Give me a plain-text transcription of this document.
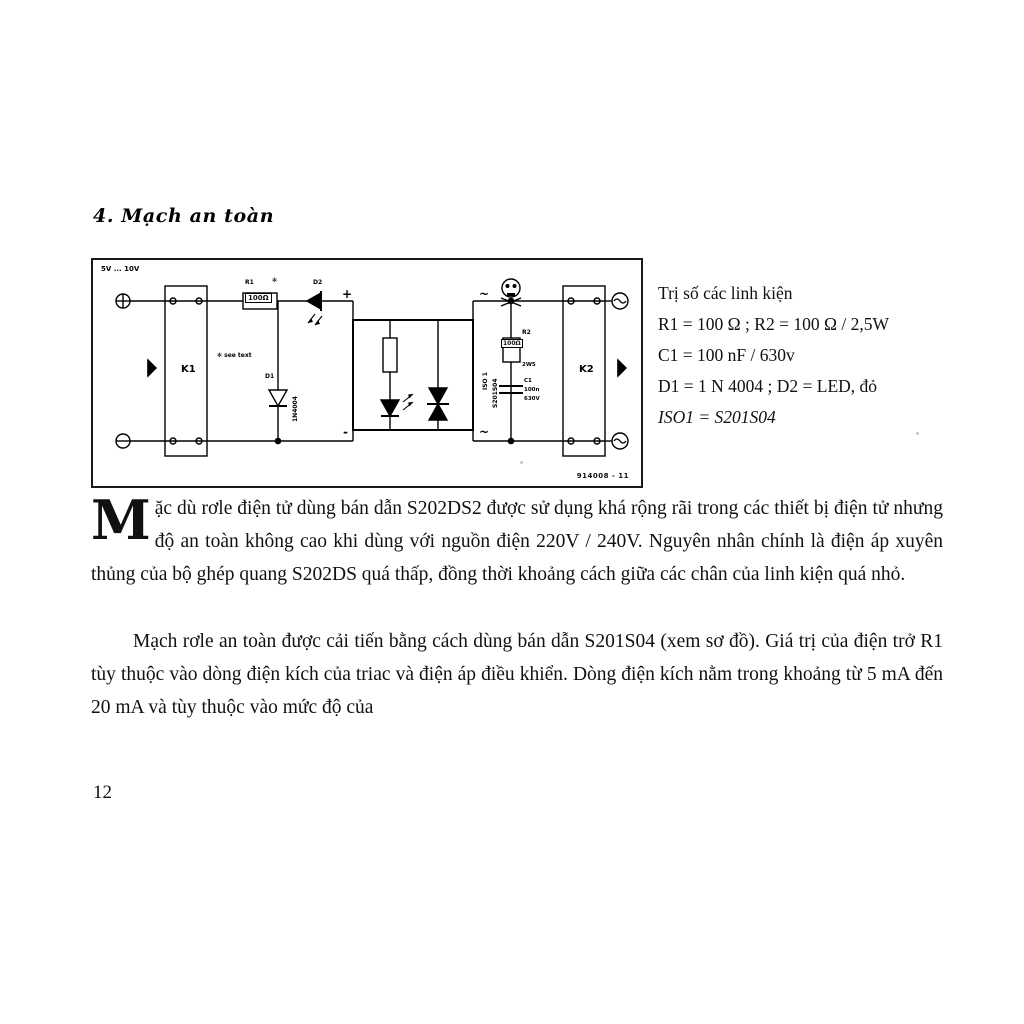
4. Mạch an toàn
5V ... 10V
R1
100Ω
✻	D2
✻ see text
D1
1N4004
K1	K2
ISO 1 S201S04
R2
100Ω
2W5
C1
100n
630V
+
-
~
~
914008 - 11
Trị số các linh kiện
R1 = 100 Ω ; R2 = 100 Ω / 2,5W
C1 = 100 nF / 630v
D1 = 1 N 4004 ; D2 = LED, đỏ
ISO1 = S201S04
Mặc dù rơle điện tử dùng bán dẫn S202DS2 được sử dụng khá rộng rãi trong các thiết bị điện tử nhưng độ an toàn không cao khi dùng với nguồn điện 220V / 240V. Nguyên nhân chính là điện áp xuyên thủng của bộ ghép quang S202DS quá thấp, đồng thời khoảng cách giữa các chân của linh kiện quá nhỏ.
Mạch rơle an toàn được cải tiến bằng cách dùng bán dẫn S201S04 (xem sơ đồ). Giá trị của điện trở R1 tùy thuộc vào dòng điện kích của triac và điện áp điều khiển. Dòng điện kích nằm trong khoảng từ 5 mA đến 20 mA và tùy thuộc vào mức độ của
12
